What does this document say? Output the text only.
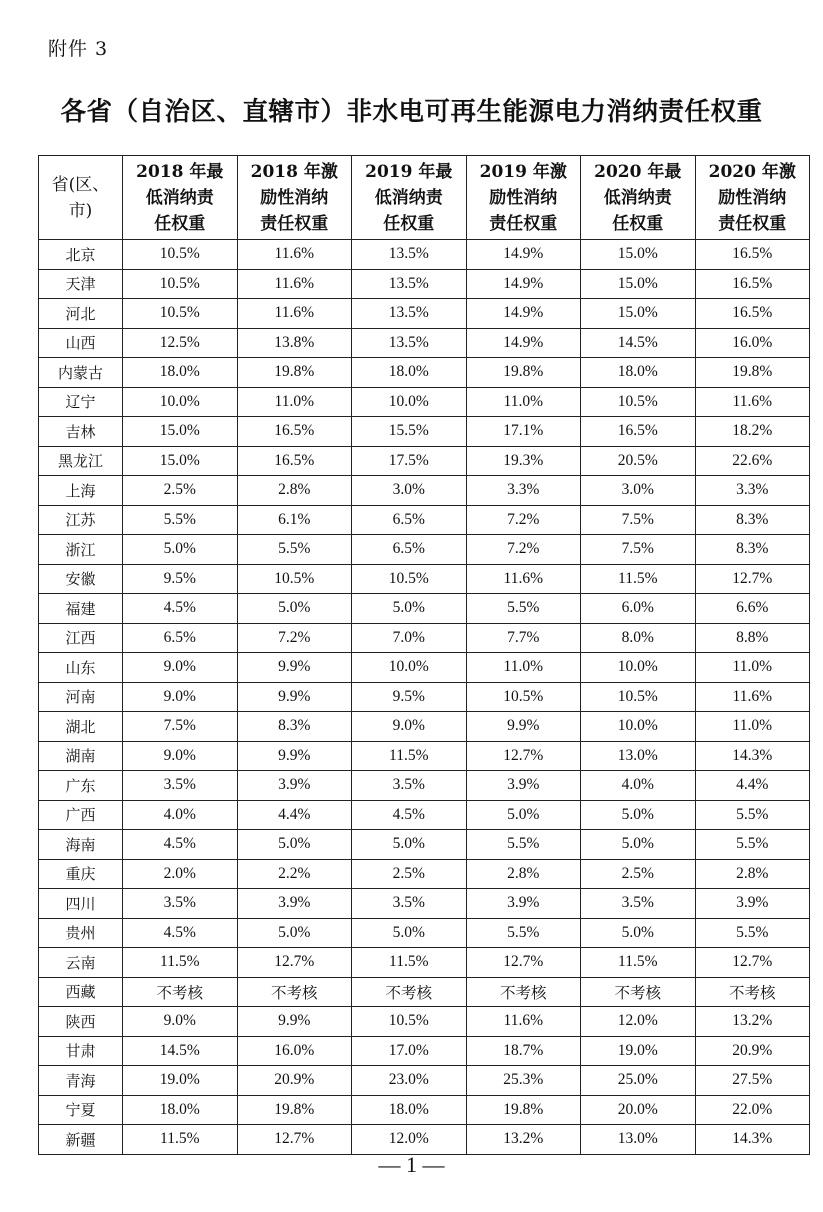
附件 3
各省（自治区、直辖市）非水电可再生能源电力消纳责任权重
省(区、
市)	2018 年最
低消纳责
任权重	2018 年激
励性消纳
责任权重	2019 年最
低消纳责
任权重	2019 年激
励性消纳
责任权重	2020 年最
低消纳责
任权重	2020 年激
励性消纳
责任权重
北京	10.5%	11.6%	13.5%	14.9%	15.0%	16.5%
天津	10.5%	11.6%	13.5%	14.9%	15.0%	16.5%
河北	10.5%	11.6%	13.5%	14.9%	15.0%	16.5%
山西	12.5%	13.8%	13.5%	14.9%	14.5%	16.0%
内蒙古	18.0%	19.8%	18.0%	19.8%	18.0%	19.8%
辽宁	10.0%	11.0%	10.0%	11.0%	10.5%	11.6%
吉林	15.0%	16.5%	15.5%	17.1%	16.5%	18.2%
黑龙江	15.0%	16.5%	17.5%	19.3%	20.5%	22.6%
上海	2.5%	2.8%	3.0%	3.3%	3.0%	3.3%
江苏	5.5%	6.1%	6.5%	7.2%	7.5%	8.3%
浙江	5.0%	5.5%	6.5%	7.2%	7.5%	8.3%
安徽	9.5%	10.5%	10.5%	11.6%	11.5%	12.7%
福建	4.5%	5.0%	5.0%	5.5%	6.0%	6.6%
江西	6.5%	7.2%	7.0%	7.7%	8.0%	8.8%
山东	9.0%	9.9%	10.0%	11.0%	10.0%	11.0%
河南	9.0%	9.9%	9.5%	10.5%	10.5%	11.6%
湖北	7.5%	8.3%	9.0%	9.9%	10.0%	11.0%
湖南	9.0%	9.9%	11.5%	12.7%	13.0%	14.3%
广东	3.5%	3.9%	3.5%	3.9%	4.0%	4.4%
广西	4.0%	4.4%	4.5%	5.0%	5.0%	5.5%
海南	4.5%	5.0%	5.0%	5.5%	5.0%	5.5%
重庆	2.0%	2.2%	2.5%	2.8%	2.5%	2.8%
四川	3.5%	3.9%	3.5%	3.9%	3.5%	3.9%
贵州	4.5%	5.0%	5.0%	5.5%	5.0%	5.5%
云南	11.5%	12.7%	11.5%	12.7%	11.5%	12.7%
西藏	不考核	不考核	不考核	不考核	不考核	不考核
陕西	9.0%	9.9%	10.5%	11.6%	12.0%	13.2%
甘肃	14.5%	16.0%	17.0%	18.7%	19.0%	20.9%
青海	19.0%	20.9%	23.0%	25.3%	25.0%	27.5%
宁夏	18.0%	19.8%	18.0%	19.8%	20.0%	22.0%
新疆	11.5%	12.7%	12.0%	13.2%	13.0%	14.3%
— 1 —
